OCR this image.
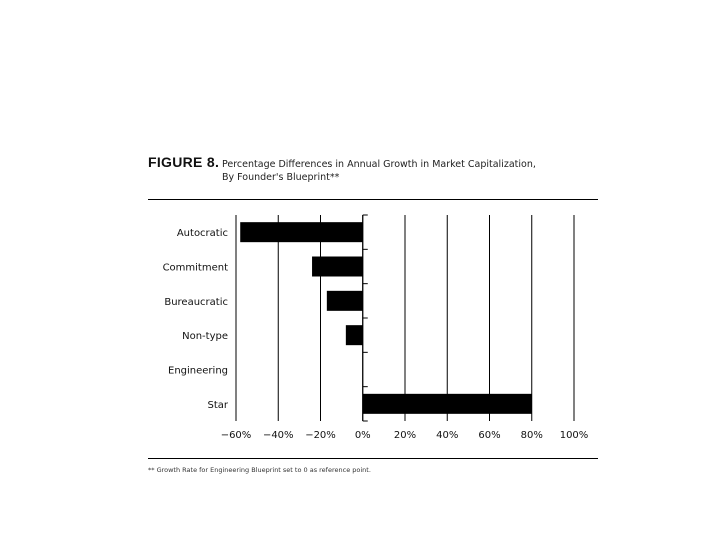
FIGURE 8. Percentage Differences in Annual Growth in Market Capitalization,
By Founder's Blueprint**
Autocratic
Commitment
Bureaucratic
Non-type
Engineering
Star
−60% −40% −20% 0% 20% 40% 60% 80% 100%
** Growth Rate for Engineering Blueprint set to 0 as reference point.
